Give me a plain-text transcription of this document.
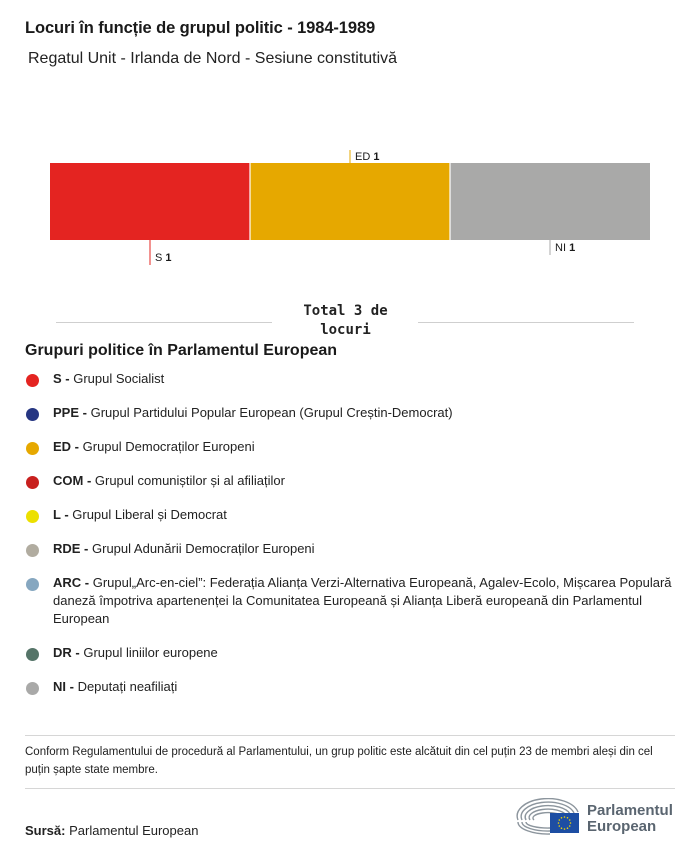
Locuri în funcție de grupul politic - 1984-1989
Regatul Unit - Irlanda de Nord - Sesiune constitutivă
S 1
ED 1
NI 1
Total 3 de
locuri
Grupuri politice în Parlamentul European
S - Grupul Socialist
PPE - Grupul Partidului Popular European (Grupul Creștin-Democrat)
ED - Grupul Democraților Europeni
COM - Grupul comuniștilor și al afiliaților
L - Grupul Liberal și Democrat
RDE - Grupul Adunării Democraților Europeni
ARC - Grupul„Arc-en-ciel”: Federația Alianța Verzi-Alternativa Europeană, Agalev-Ecolo, Mișcarea Populară daneză împotriva apartenenței la Comunitatea Europeană și Alianța Liberă europeană din Parlamentul European
DR - Grupul liniilor europene
NI - Deputați neafiliați
Conform Regulamentului de procedură al Parlamentului, un grup politic este alcătuit din cel puțin 23 de membri aleși din cel puțin șapte state membre.
Sursă: Parlamentul European
Parlamentul
European
